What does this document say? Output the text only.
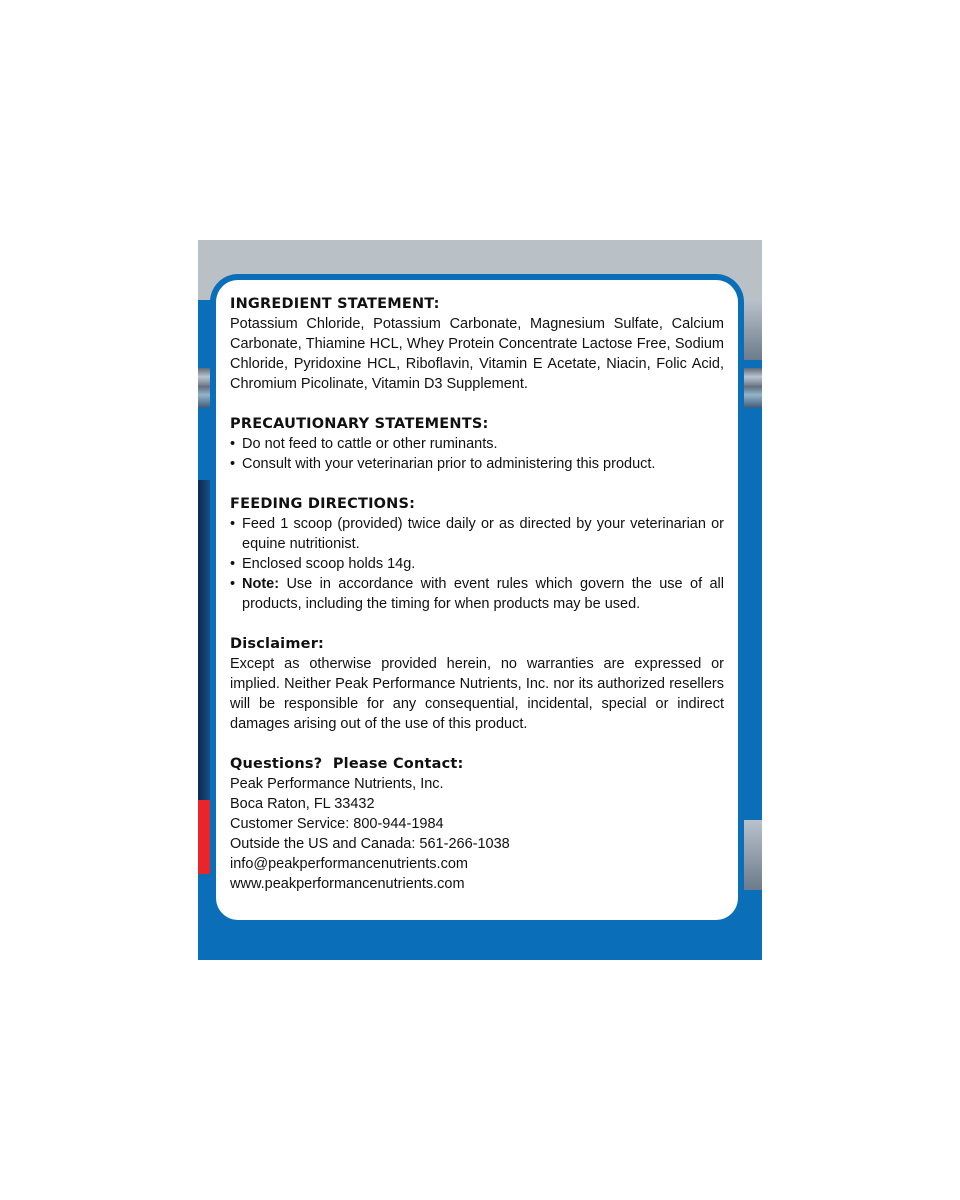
INGREDIENT STATEMENT:

Potassium Chloride, Potassium Carbonate, Magnesium Sulfate, Calcium Carbonate, Thiamine HCL, Whey Protein Concentrate Lactose Free, Sodium Chloride, Pyridoxine HCL, Riboflavin, Vitamin E Acetate, Niacin, Folic Acid, Chromium Picolinate, Vitamin D3 Supplement.

PRECAUTIONARY STATEMENTS:
• Do not feed to cattle or other ruminants.
• Consult with your veterinarian prior to administering this product.
FEEDING DIRECTIONS:
• Feed 1 scoop (provided) twice daily or as directed by your veterinarian or equine nutritionist.
• Enclosed scoop holds 14g.
• Note: Use in accordance with event rules which govern the use of all products, including the timing for when products may be used.
Disclaimer:

Except as otherwise provided herein, no warranties are expressed or implied. Neither Peak Performance Nutrients, Inc. nor its authorized resellers will be responsible for any consequential, incidental, special or indirect damages arising out of the use of this product.

Questions?  Please Contact:
Peak Performance Nutrients, Inc.
Boca Raton, FL 33432
Customer Service: 800-944-1984
Outside the US and Canada: 561-266-1038
info@peakperformancenutrients.com
www.peakperformancenutrients.com
